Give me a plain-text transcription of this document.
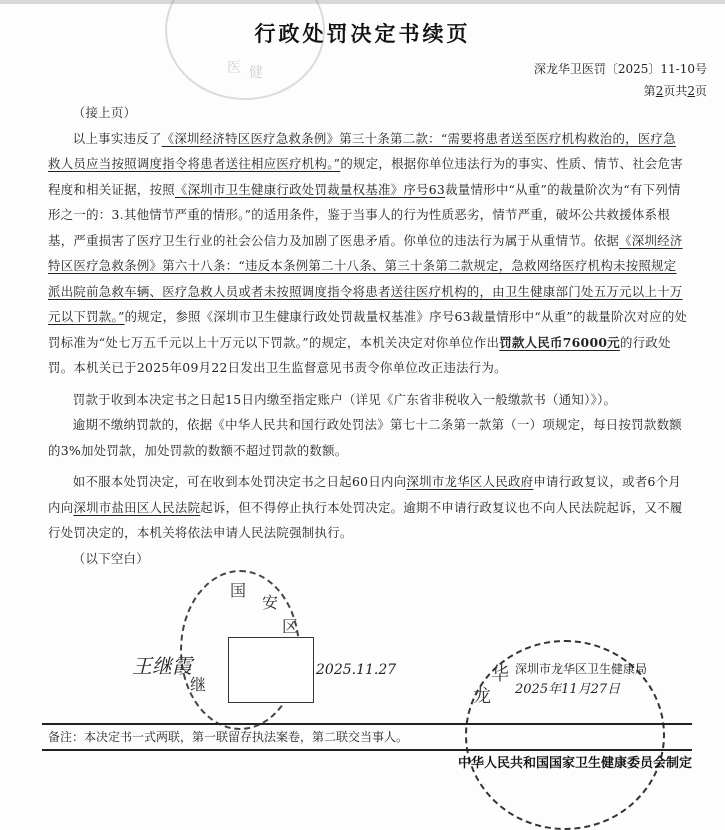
医 健
行政处罚决定书续页
深龙华卫医罚〔2025〕11-10号
第2页共2页

（接上页）

以上事实违反了《深圳经济特区医疗急救条例》第三十条第二款：“需要将患者送至医疗机构救治的，医疗急救人员应当按照调度指令将患者送往相应医疗机构。”的规定，根据你单位违法行为的事实、性质、情节、社会危害程度和相关证据，按照《深圳市卫生健康行政处罚裁量权基准》序号63裁量情形中“从重”的裁量阶次为“有下列情形之一的：3.其他情节严重的情形。”的适用条件，鉴于当事人的行为性质恶劣，情节严重，破坏公共救援体系根基，严重损害了医疗卫生行业的社会公信力及加剧了医患矛盾。你单位的违法行为属于从重情节。依据《深圳经济特区医疗急救条例》第六十八条：“违反本条例第二十八条、第三十条第二款规定，急救网络医疗机构未按照规定派出院前急救车辆、医疗急救人员或者未按照调度指令将患者送往医疗机构的，由卫生健康部门处五万元以上十万元以下罚款。”的规定，参照《深圳市卫生健康行政处罚裁量权基准》序号63裁量情形中“从重”的裁量阶次对应的处罚标准为“处七万五千元以上十万元以下罚款。”的规定，本机关决定对你单位作出罚款人民币76000元的行政处罚。本机关已于2025年09月22日发出卫生监督意见书责令你单位改正违法行为。

罚款于收到本决定书之日起15日内缴至指定账户（详见《广东省非税收入一般缴款书（通知）》）。

逾期不缴纳罚款的，依据《中华人民共和国行政处罚法》第七十二条第一款第（一）项规定，每日按罚款数额的3%加处罚款，加处罚款的数额不超过罚款的数额。

如不服本处罚决定，可在收到本处罚决定书之日起60日内向深圳市龙华区人民政府申请行政复议，或者6个月内向深圳市盐田区人民法院起诉，但不得停止执行本处罚决定。逾期不申请行政复议也不向人民法院起诉，又不履行处罚决定的，本机关将依法申请人民法院强制执行。

（以下空白）

国
安
区
继
王继霞	2025.11.27
龙
华 深圳市龙华区卫生健康局
2025年11月27日
备注：本决定书一式两联，第一联留存执法案卷，第二联交当事人。
中华人民共和国国家卫生健康委员会制定
